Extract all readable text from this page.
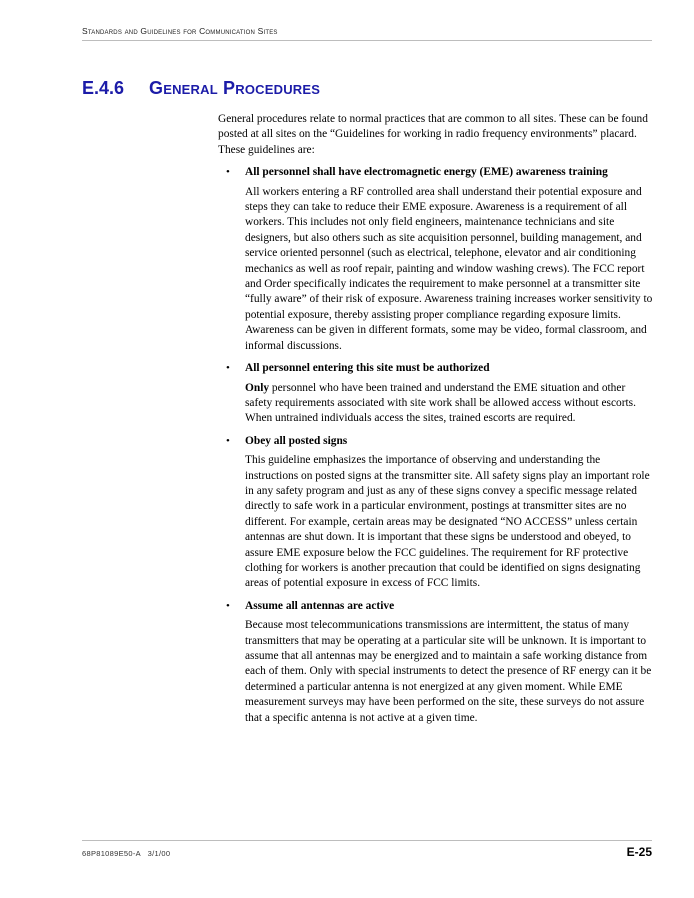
Standards and Guidelines for Communication Sites
E.4.6 General Procedures

General procedures relate to normal practices that are common to all sites. These can be found posted at all sites on the “Guidelines for working in radio frequency environments” placard. These guidelines are:

• All personnel shall have electromagnetic energy (EME) awareness training

All workers entering a RF controlled area shall understand their potential exposure and steps they can take to reduce their EME exposure. Awareness is a requirement of all workers. This includes not only field engineers, maintenance technicians and site designers, but also others such as site acquisition personnel, building management, and service oriented personnel (such as electrical, telephone, elevator and air conditioning mechanics as well as roof repair, painting and window washing crews). The FCC report and Order specifically indicates the requirement to make personnel at a transmitter site “fully aware” of their risk of exposure. Awareness training increases worker sensitivity to potential exposure, thereby assisting proper compliance regarding exposure limits. Awareness can be given in different formats, some may be video, formal classroom, and informal discussions.

• All personnel entering this site must be authorized

Only personnel who have been trained and understand the EME situation and other safety requirements associated with site work shall be allowed access without escorts. When untrained individuals access the sites, trained escorts are required.

• Obey all posted signs

This guideline emphasizes the importance of observing and understanding the instructions on posted signs at the transmitter site. All safety signs play an important role in any safety program and just as any of these signs convey a specific message related directly to safe work in a particular environment, postings at transmitter sites are no different. For example, certain areas may be designated “NO ACCESS” unless certain antennas are shut down. It is important that these signs be understood and obeyed, to assure EME exposure below the FCC guidelines. The requirement for RF protective clothing for workers is another precaution that could be identified on signs designating areas of potential exposure in excess of FCC limits.

• Assume all antennas are active

Because most telecommunications transmissions are intermittent, the status of many transmitters that may be operating at a particular site will be unknown. It is important to assume that all antennas may be energized and to maintain a safe working distance from each of them. Only with special instruments to detect the presence of RF energy can it be determined a particular antenna is not energized at any given moment. While EME measurement surveys may have been performed on the site, these surveys do not assure that a specific antenna is not active at a given time.

68P81089E50-A   3/1/00	E-25
